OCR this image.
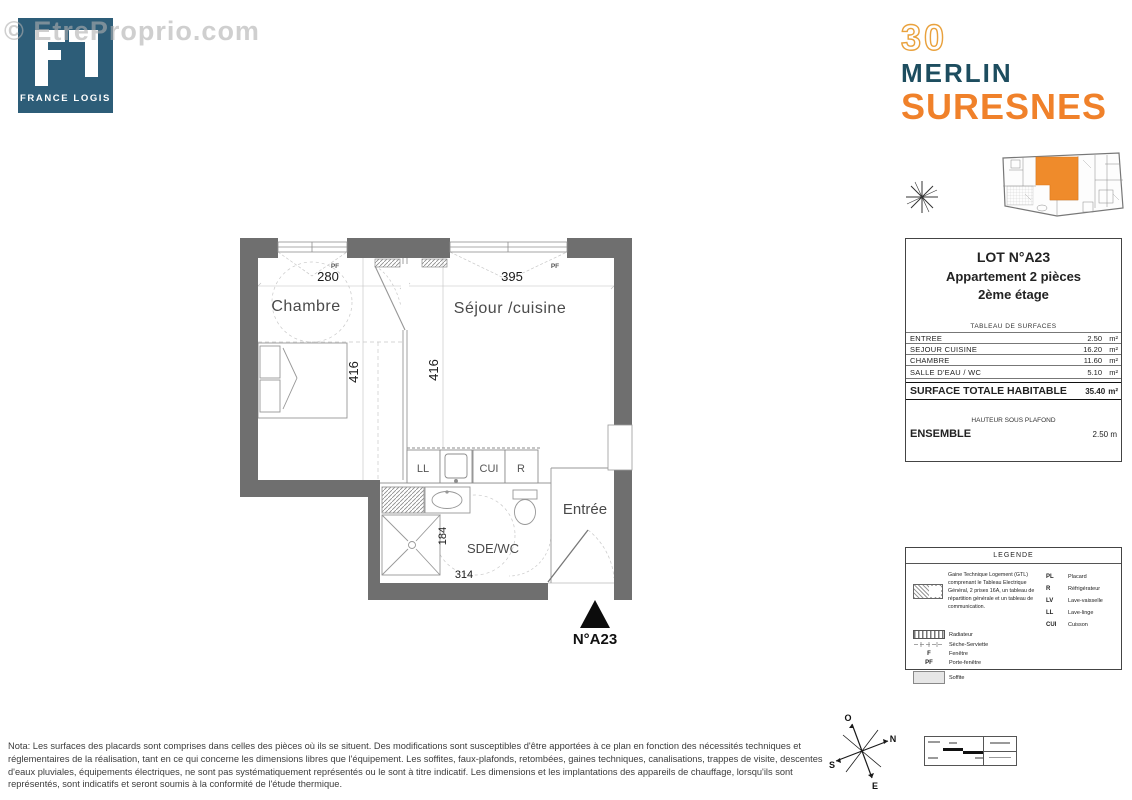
FRANCE LOGIS
© EtreProprio.com	30
MERLIN
SURESNES
LOT N°A23
Appartement 2 pièces
2ème étage
TABLEAU DE SURFACES
ENTREE	2.50 m²
SEJOUR CUISINE	16.20 m²
CHAMBRE	11.60 m²
SALLE D'EAU / WC	5.10 m²
SURFACE TOTALE HABITABLE	35.40 m²
HAUTEUR SOUS PLAFOND
ENSEMBLE	2.50 m
LEGENDE
Gaine Technique Logement (GTL) comprenant le Tableau Electrique Général, 2 prises 16A, un tableau de répartition générale et un tableau de communication.
Radiateur
Sèche-Serviette
F	Fenêtre
PF	Porte-fenêtre
Soffite
PL	Placard
R	Réfrigérateur
LV	Lave-vaisselle
LL	Lave-linge
CUI	Cuisson
Chambre	Séjour /cuisine
Entrée
SDE/WC
280	395
416	416
184
314
LL	CUI R
PF	PF
N°A23
Nota: Les surfaces des placards sont comprises dans celles des pièces où ils se situent. Des modifications sont susceptibles d'être apportées à ce plan en fonction des nécessités techniques et réglementaires de la réalisation, tant en ce qui concerne les dimensions libres que l'équipement. Les soffites, faux-plafonds, retombées, gaines techniques, canalisations, trappes de visite, descentes d'eaux pluviales, équipements électriques, ne sont pas systématiquement représentés ou le sont à titre indicatif. Les dimensions et les implantations des appareils de chauffage, lorsqu'ils sont représentés, sont indicatifs et seront soumis à la conformité de l'étude thermique.
O
N
S
E
